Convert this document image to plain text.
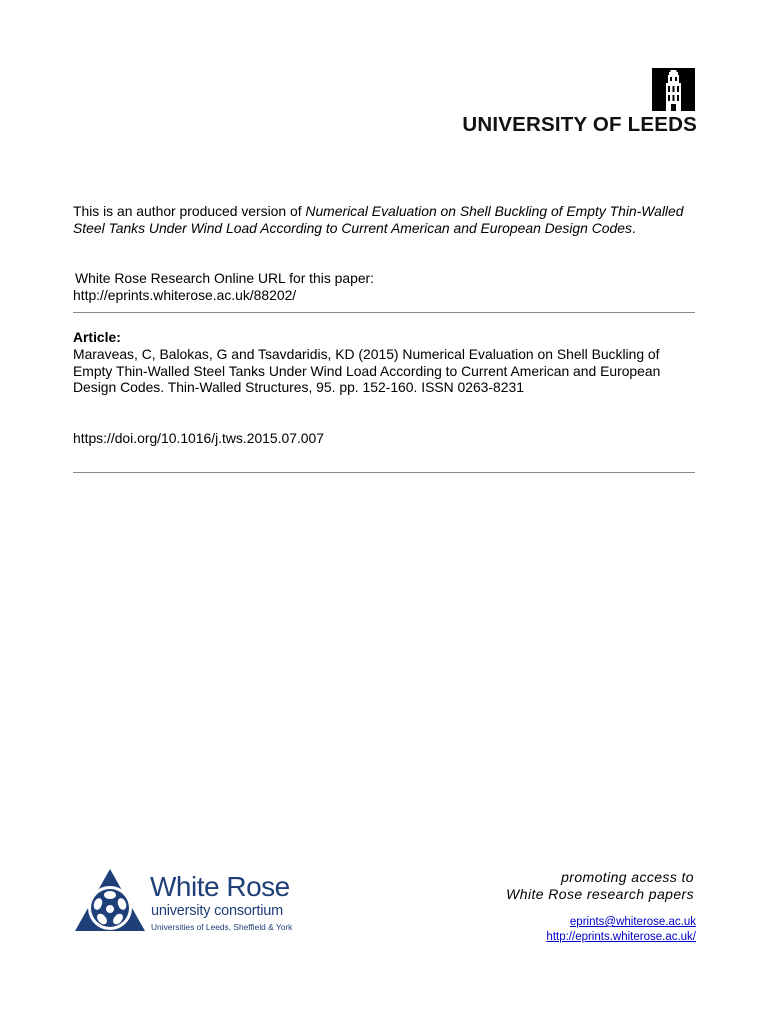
UNIVERSITY OF LEEDS
This is an author produced version of Numerical Evaluation on Shell Buckling of Empty Thin-Walled Steel Tanks Under Wind Load According to Current American and European Design Codes.
White Rose Research Online URL for this paper:
http://eprints.whiterose.ac.uk/88202/
Article:
Maraveas, C, Balokas, G and Tsavdaridis, KD (2015) Numerical Evaluation on Shell Buckling of Empty Thin-Walled Steel Tanks Under Wind Load According to Current American and European Design Codes. Thin-Walled Structures, 95. pp. 152-160. ISSN 0263-8231
https://doi.org/10.1016/j.tws.2015.07.007
White Rose
university consortium
Universities of Leeds, Sheffield & York
promoting access to
White Rose research papers
eprints@whiterose.ac.uk
http://eprints.whiterose.ac.uk/
